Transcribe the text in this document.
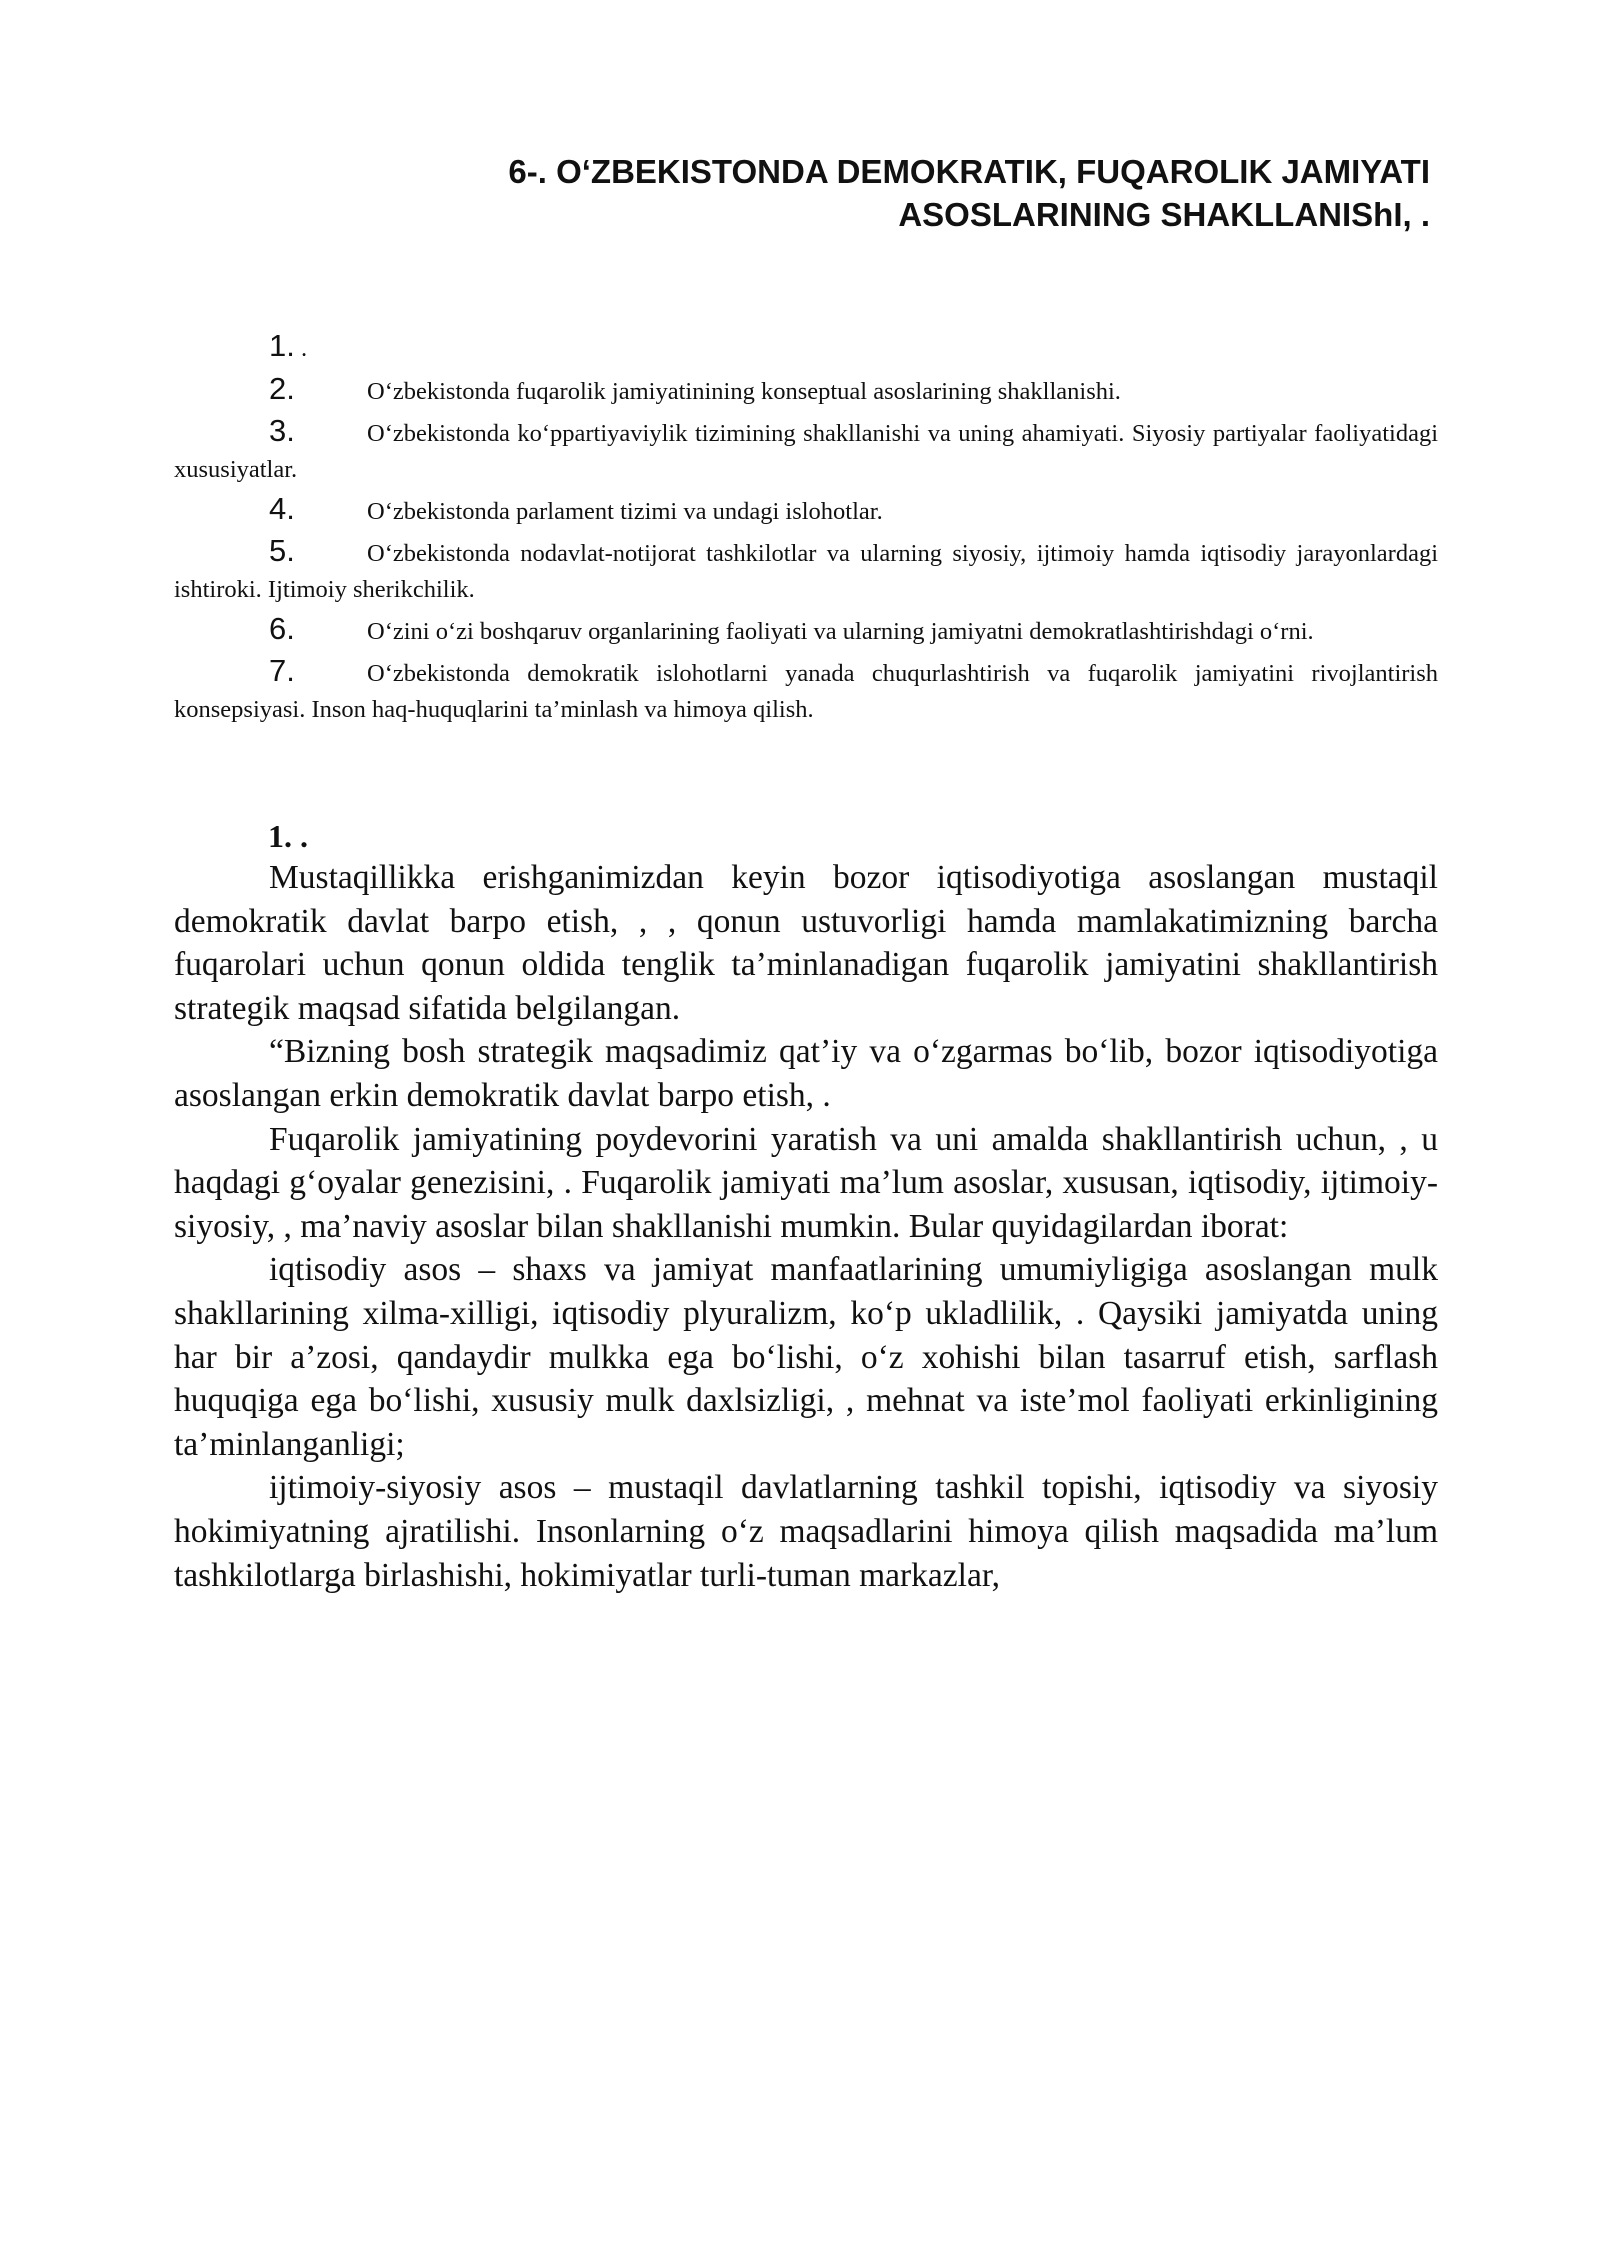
6-. O‘ZBEKISTONDA DEMOKRATIK, FUQAROLIK JAMIYATI
ASOSLARINING SHAKLLANIShI, .
1. .
2.	O‘zbekistonda fuqarolik jamiyatinining konseptual asoslarining shakllanishi.
3.	O‘zbekistonda ko‘ppartiyaviylik tizimining shakllanishi va uning ahamiyati. Siyosiy partiyalar faoliyatidagi xususiyatlar.
4.	O‘zbekistonda parlament tizimi va undagi islohotlar.
5.	O‘zbekistonda nodavlat-notijorat tashkilotlar va ularning siyosiy, ijtimoiy hamda iqtisodiy jarayonlardagi ishtiroki. Ijtimoiy sherikchilik.
6.	O‘zini o‘zi boshqaruv organlarining faoliyati va ularning jamiyatni demokratlashtirishdagi o‘rni.
7.	O‘zbekistonda demokratik islohotlarni yanada chuqurlashtirish va fuqarolik jamiyatini rivojlantirish konsepsiyasi. Inson haq-huquqlarini ta’minlash va himoya qilish.
1. .

Mustaqillikka erishganimizdan keyin bozor iqtisodiyotiga asoslangan mustaqil demokratik davlat barpo etish, , , qonun ustuvorligi hamda mamlakatimizning barcha fuqarolari uchun qonun oldida tenglik ta’minlanadigan fuqarolik jamiyatini shakllantirish strategik maqsad sifatida belgilangan.

“Bizning bosh strategik maqsadimiz qat’iy va o‘zgarmas bo‘lib, bozor iqtisodiyotiga asoslangan erkin demokratik davlat barpo etish, .

Fuqarolik jamiyatining poydevorini yaratish va uni amalda shakllantirish uchun, , u haqdagi g‘oyalar genezisini, . Fuqarolik jamiyati ma’lum asoslar, xususan, iqtisodiy, ijtimoiy-siyosiy, , ma’naviy asoslar bilan shakllanishi mumkin. Bular quyidagilardan iborat:

iqtisodiy asos – shaxs va jamiyat manfaatlarining umumiyligiga asoslangan mulk shakllarining xilma-xilligi, iqtisodiy plyuralizm, ko‘p ukladlilik, . Qaysiki jamiyatda uning har bir a’zosi, qandaydir mulkka ega bo‘lishi, o‘z xohishi bilan tasarruf etish, sarflash huquqiga ega bo‘lishi, xususiy mulk daxlsizligi, , mehnat va iste’mol faoliyati erkinligining ta’minlanganligi;

ijtimoiy-siyosiy asos – mustaqil davlatlarning tashkil topishi, iqtisodiy va siyosiy hokimiyatning ajratilishi. Insonlarning o‘z maqsadlarini himoya qilish maqsadida ma’lum tashkilotlarga birlashishi, hokimiyatlar turli-tuman markazlar,
